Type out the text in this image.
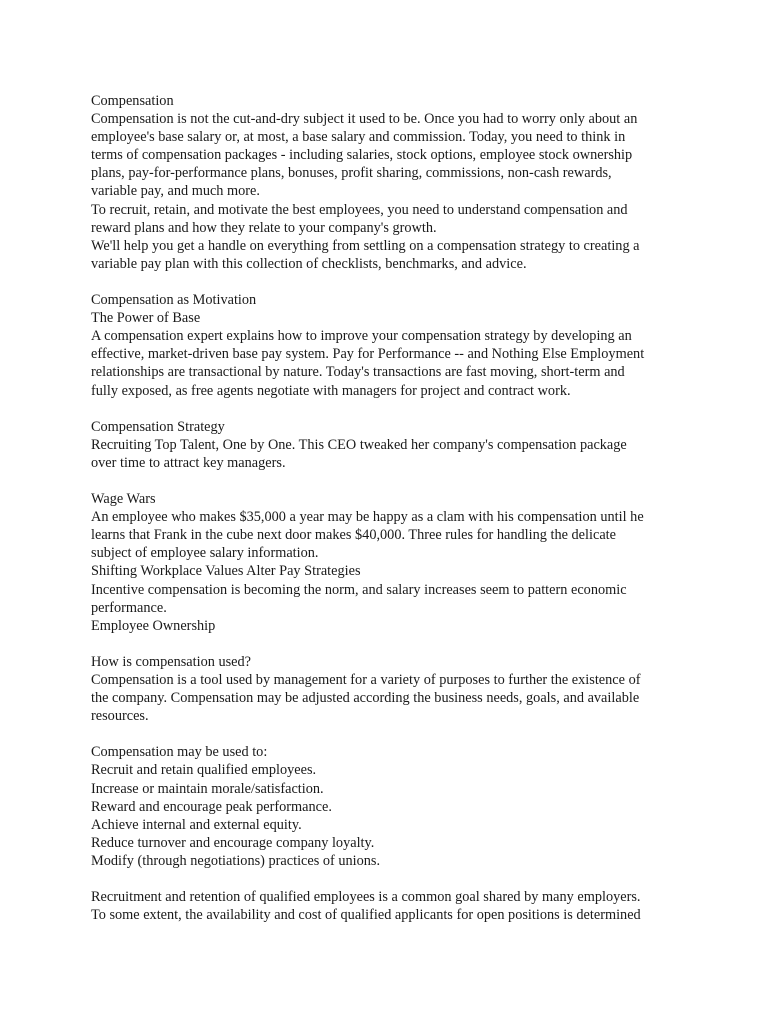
Compensation
Compensation is not the cut-and-dry subject it used to be. Once you had to worry only about an
employee's base salary or, at most, a base salary and commission. Today, you need to think in
terms of compensation packages - including salaries, stock options, employee stock ownership
plans, pay-for-performance plans, bonuses, profit sharing, commissions, non-cash rewards,
variable pay, and much more.
To recruit, retain, and motivate the best employees, you need to understand compensation and
reward plans and how they relate to your company's growth.
We'll help you get a handle on everything from settling on a compensation strategy to creating a
variable pay plan with this collection of checklists, benchmarks, and advice.
Compensation as Motivation
The Power of Base
A compensation expert explains how to improve your compensation strategy by developing an
effective, market-driven base pay system. Pay for Performance -- and Nothing Else Employment
relationships are transactional by nature. Today's transactions are fast moving, short-term and
fully exposed, as free agents negotiate with managers for project and contract work.
Compensation Strategy
Recruiting Top Talent, One by One. This CEO tweaked her company's compensation package
over time to attract key managers.
Wage Wars
An employee who makes $35,000 a year may be happy as a clam with his compensation until he
learns that Frank in the cube next door makes $40,000. Three rules for handling the delicate
subject of employee salary information.
Shifting Workplace Values Alter Pay Strategies
Incentive compensation is becoming the norm, and salary increases seem to pattern economic
performance.
Employee Ownership
How is compensation used?
Compensation is a tool used by management for a variety of purposes to further the existence of
the company. Compensation may be adjusted according the business needs, goals, and available
resources.
Compensation may be used to:
Recruit and retain qualified employees.
Increase or maintain morale/satisfaction.
Reward and encourage peak performance.
Achieve internal and external equity.
Reduce turnover and encourage company loyalty.
Modify (through negotiations) practices of unions.
Recruitment and retention of qualified employees is a common goal shared by many employers.
To some extent, the availability and cost of qualified applicants for open positions is determined
